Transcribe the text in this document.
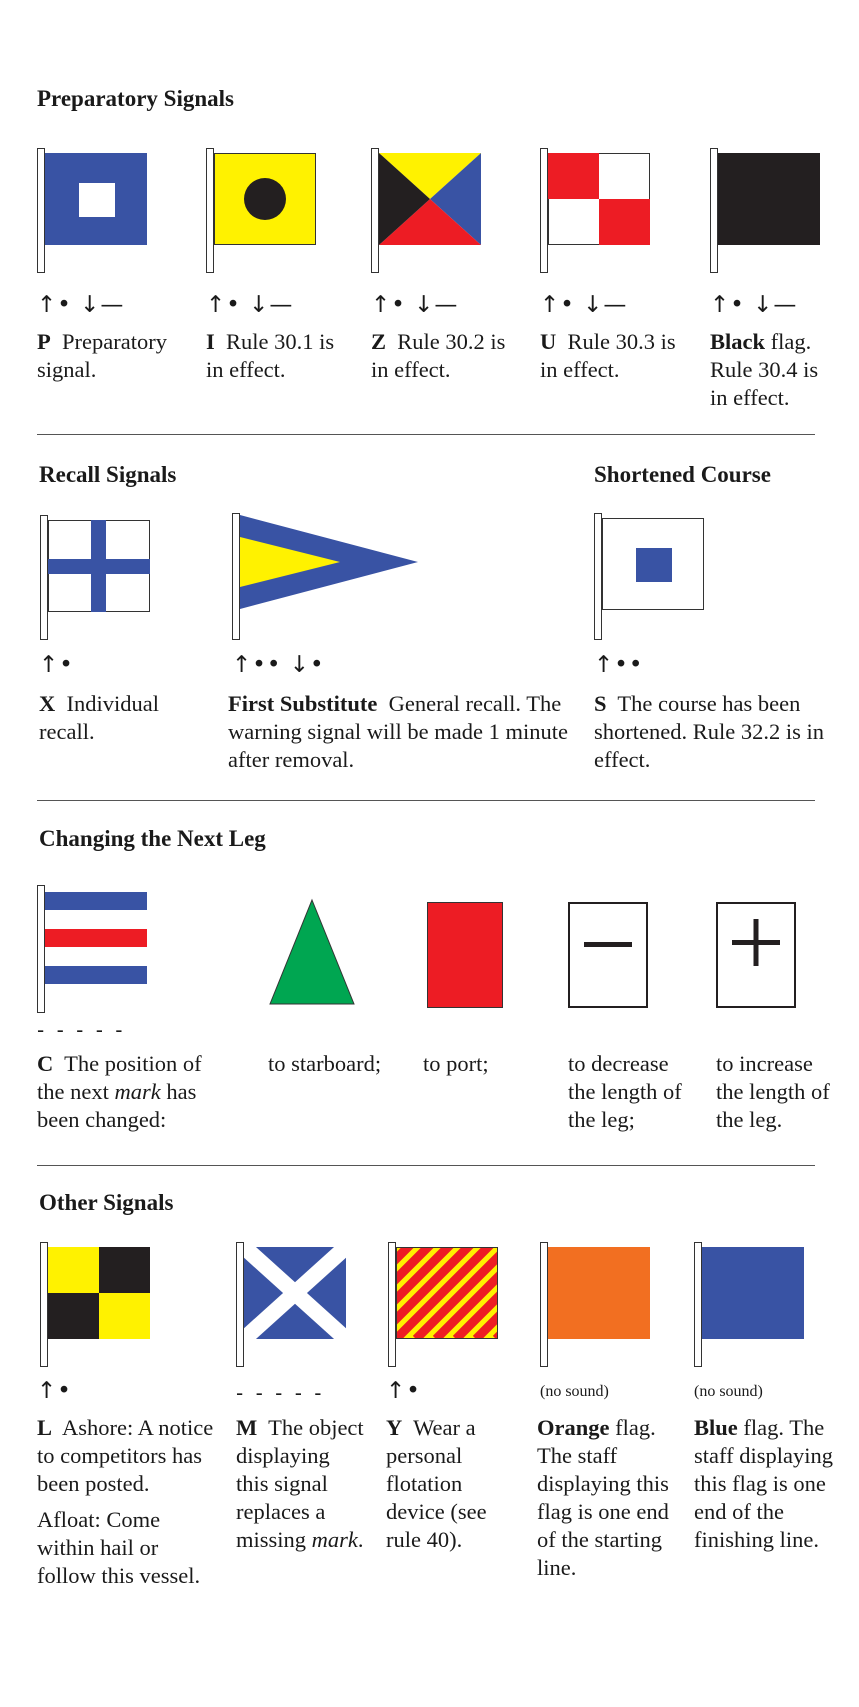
Preparatory Signals
↑• ↓—
P Preparatory signal.
↑• ↓—
I Rule 30.1 is in effect.
↑• ↓—
Z Rule 30.2 is in effect.
↑• ↓—
U Rule 30.3 is in effect.
↑• ↓—
Black flag. Rule 30.4 is in effect.
Recall Signals	Shortened Course
↑•
X Individual recall.
↑•• ↓•
First Substitute General recall. The warning signal will be made 1 minute after removal.
↑••
S The course has been shortened. Rule 32.2 is in effect.
Changing the Next Leg
- - - - -
C The position of the next mark has been changed:
to starboard;	to port;	to decrease the length of the leg;
to increase the length of the leg.
Other Signals
↑•
L Ashore: A notice to competitors has been posted.
Afloat: Come within hail or follow this vessel.
- - - - -
M The object displaying this signal replaces a missing mark.
↑•
Y Wear a personal flotation device (see rule 40).
(no sound)
Orange flag. The staff displaying this flag is one end of the starting line.
(no sound)
Blue flag. The staff displaying this flag is one end of the finishing line.
